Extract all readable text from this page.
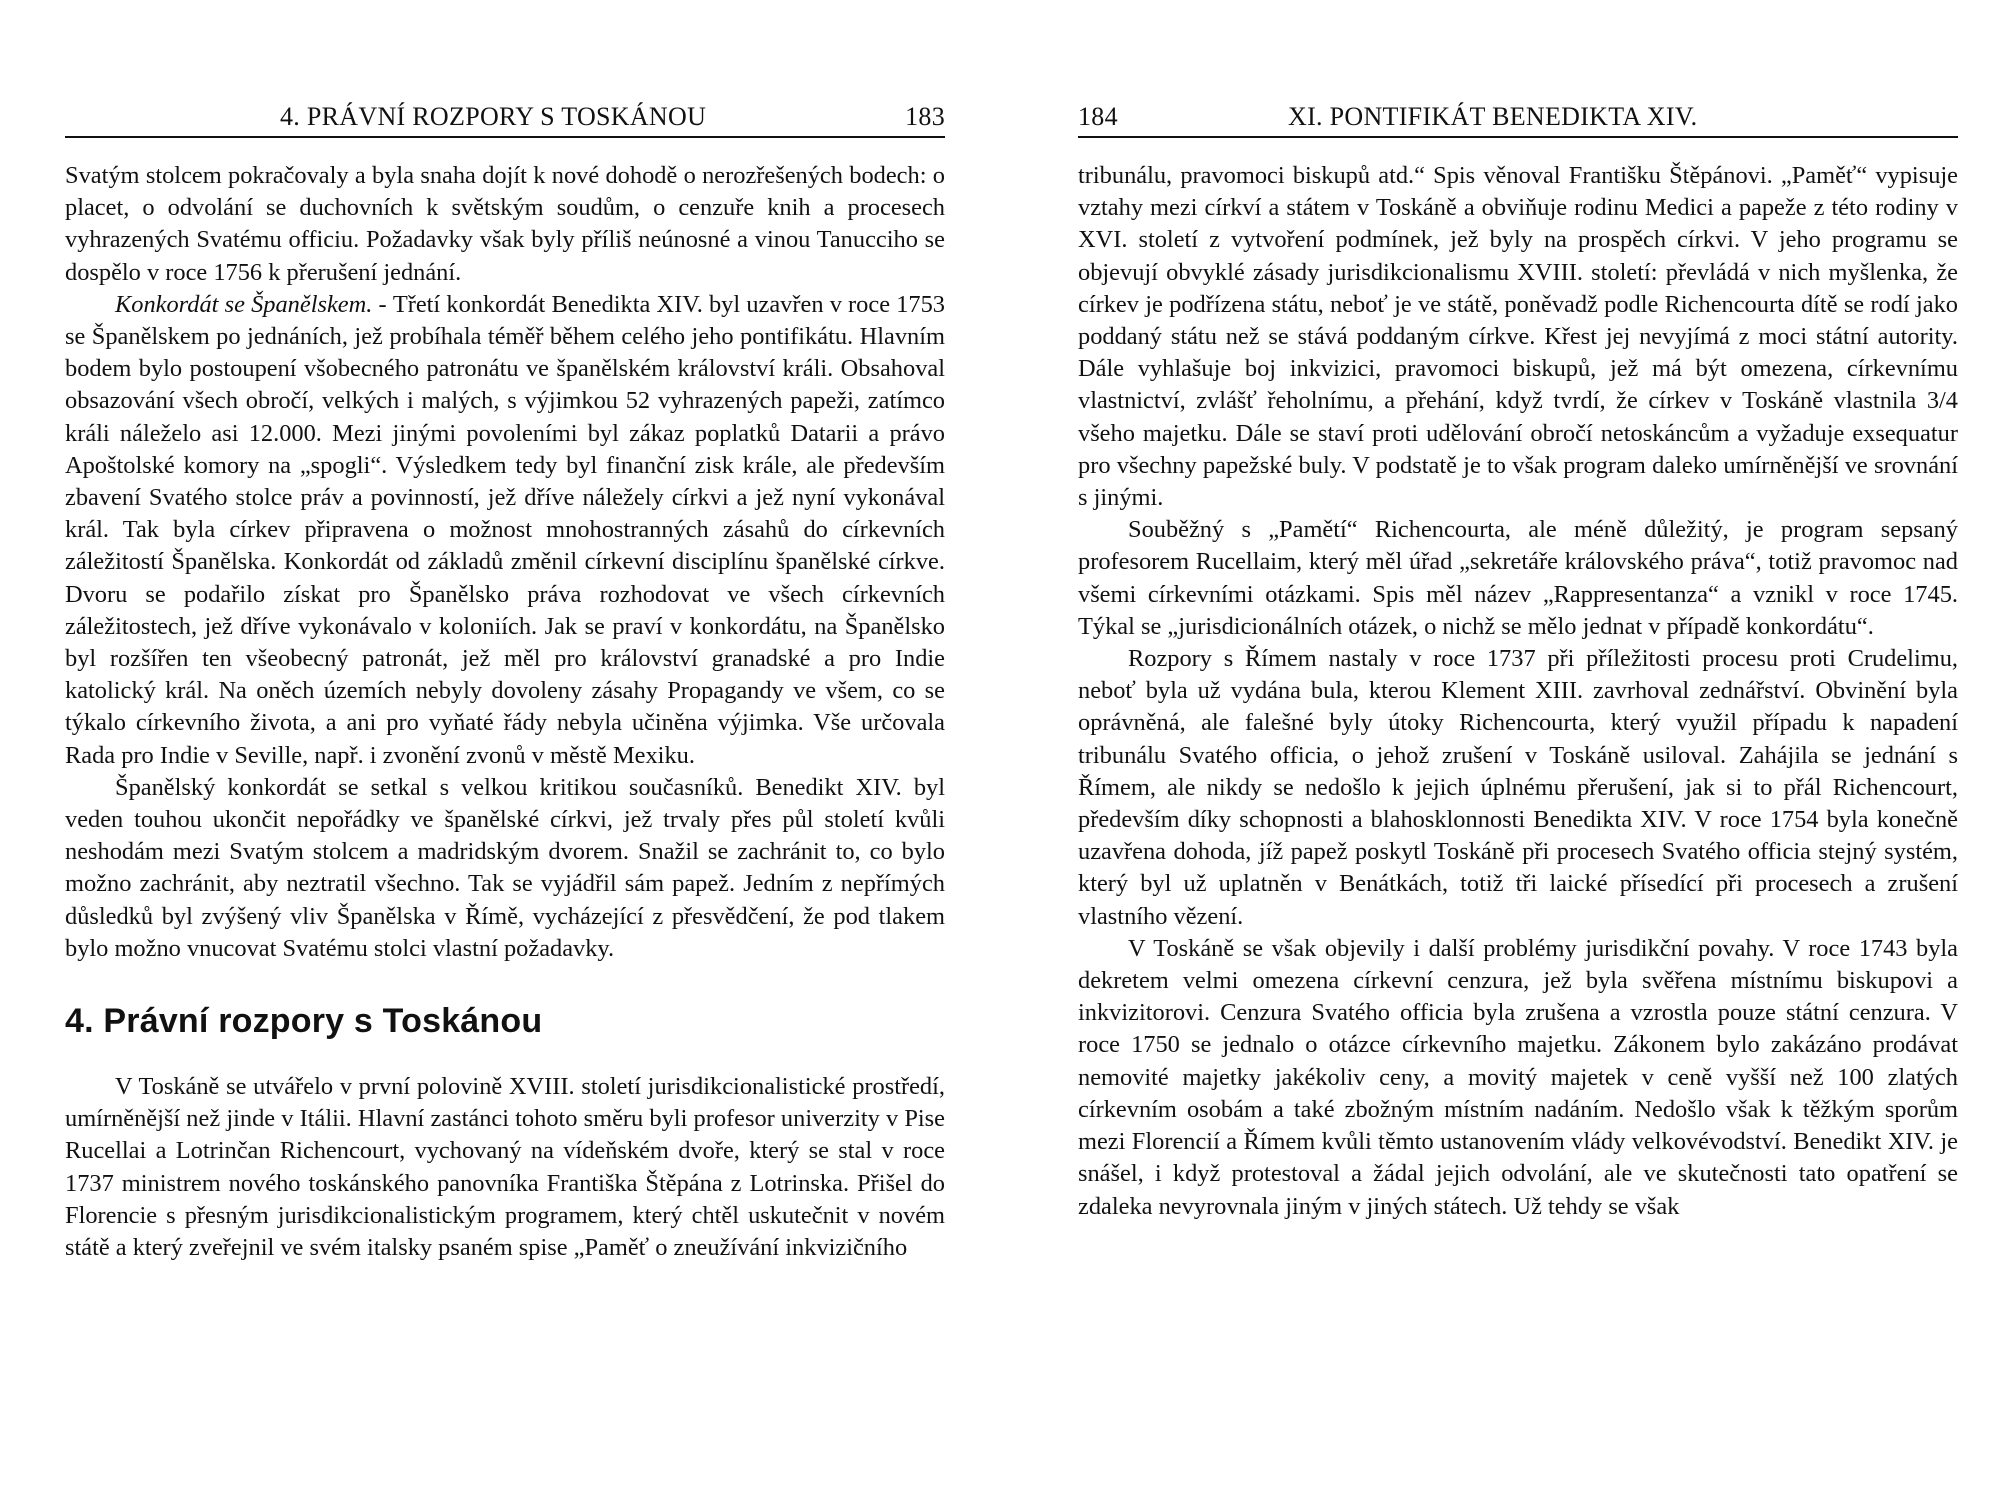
4. PRÁVNÍ ROZPORY S TOSKÁNOU	183

Svatým stolcem pokračovaly a byla snaha dojít k nové dohodě o nerozřešených bodech: o placet, o odvolání se duchovních k světským soudům, o cenzuře knih a procesech vyhrazených Svatému officiu. Požadavky však byly příliš neúnosné a vinou Tanucciho se dospělo v roce 1756 k přerušení jednání.

Konkordát se Španělskem. - Třetí konkordát Benedikta XIV. byl uzavřen v roce 1753 se Španělskem po jednáních, jež probíhala téměř během celého jeho pontifikátu. Hlavním bodem bylo postoupení všobecného patronátu ve španělském království králi. Obsahoval obsazování všech obročí, velkých i malých, s výjimkou 52 vyhrazených papeži, zatímco králi náleželo asi 12.000. Mezi jinými povoleními byl zákaz poplatků Datarii a právo Apoštolské komory na „spogli“. Výsledkem tedy byl finanční zisk krále, ale především zbavení Svatého stolce práv a povinností, jež dříve náležely církvi a jež nyní vykonával král. Tak byla církev připravena o možnost mnohostranných zásahů do církevních záležitostí Španělska. Konkordát od základů změnil církevní disciplínu španělské církve. Dvoru se podařilo získat pro Španělsko práva rozhodovat ve všech církevních záležitostech, jež dříve vykonávalo v koloniích. Jak se praví v konkordátu, na Španělsko byl rozšířen ten všeobecný patronát, jež měl pro království granadské a pro Indie katolický král. Na oněch územích nebyly dovoleny zásahy Propagandy ve všem, co se týkalo církevního života, a ani pro vyňaté řády nebyla učiněna výjimka. Vše určovala Rada pro Indie v Seville, např. i zvonění zvonů v městě Mexiku.

Španělský konkordát se setkal s velkou kritikou současníků. Benedikt XIV. byl veden touhou ukončit nepořádky ve španělské církvi, jež trvaly přes půl století kvůli neshodám mezi Svatým stolcem a madridským dvorem. Snažil se zachránit to, co bylo možno zachránit, aby neztratil všechno. Tak se vyjádřil sám papež. Jedním z nepřímých důsledků byl zvýšený vliv Španělska v Římě, vycházející z přesvědčení, že pod tlakem bylo možno vnucovat Svatému stolci vlastní požadavky.

4. Právní rozpory s Toskánou

V Toskáně se utvářelo v první polovině XVIII. století jurisdikcionalistické prostředí, umírněnější než jinde v Itálii. Hlavní zastánci tohoto směru byli profesor univerzity v Pise Rucellai a Lotrinčan Richencourt, vychovaný na vídeňském dvoře, který se stal v roce 1737 ministrem nového toskánského panovníka Františka Štěpána z Lotrinska. Přišel do Florencie s přesným jurisdikcionalistickým programem, který chtěl uskutečnit v novém státě a který zveřejnil ve svém italsky psaném spise „Paměť o zneužívání inkvizičního

184	XI. PONTIFIKÁT BENEDIKTA XIV.

tribunálu, pravomoci biskupů atd.“ Spis věnoval Františku Štěpánovi. „Paměť“ vypisuje vztahy mezi církví a státem v Toskáně a obviňuje rodinu Medici a papeže z této rodiny v XVI. století z vytvoření podmínek, jež byly na prospěch církvi. V jeho programu se objevují obvyklé zásady jurisdikcionalismu XVIII. století: převládá v nich myšlenka, že církev je podřízena státu, neboť je ve státě, poněvadž podle Richencourta dítě se rodí jako poddaný státu než se stává poddaným církve. Křest jej nevyjímá z moci státní autority. Dále vyhlašuje boj inkvizici, pravomoci biskupů, jež má být omezena, církevnímu vlastnictví, zvlášť řeholnímu, a přehání, když tvrdí, že církev v Toskáně vlastnila 3/4 všeho majetku. Dále se staví proti udělování obročí netoskáncům a vyžaduje exsequatur pro všechny papežské buly. V podstatě je to však program daleko umírněnější ve srovnání s jinými.

Souběžný s „Pamětí“ Richencourta, ale méně důležitý, je program sepsaný profesorem Rucellaim, který měl úřad „sekretáře královského práva“, totiž pravomoc nad všemi církevními otázkami. Spis měl název „Rappresentanza“ a vznikl v roce 1745. Týkal se „jurisdicionálních otázek, o nichž se mělo jednat v případě konkordátu“.

Rozpory s Římem nastaly v roce 1737 při příležitosti procesu proti Crudelimu, neboť byla už vydána bula, kterou Klement XIII. zavrhoval zednářství. Obvinění byla oprávněná, ale falešné byly útoky Richencourta, který využil případu k napadení tribunálu Svatého officia, o jehož zrušení v Toskáně usiloval. Zahájila se jednání s Římem, ale nikdy se nedošlo k jejich úplnému přerušení, jak si to přál Richencourt, především díky schopnosti a blahosklonnosti Benedikta XIV. V roce 1754 byla konečně uzavřena dohoda, jíž papež poskytl Toskáně při procesech Svatého officia stejný systém, který byl už uplatněn v Benátkách, totiž tři laické přísedící při procesech a zrušení vlastního vězení.

V Toskáně se však objevily i další problémy jurisdikční povahy. V roce 1743 byla dekretem velmi omezena církevní cenzura, jež byla svěřena místnímu biskupovi a inkvizitorovi. Cenzura Svatého officia byla zrušena a vzrostla pouze státní cenzura. V roce 1750 se jednalo o otázce církevního majetku. Zákonem bylo zakázáno prodávat nemovité majetky jakékoliv ceny, a movitý majetek v ceně vyšší než 100 zlatých církevním osobám a také zbožným místním nadáním. Nedošlo však k těžkým sporům mezi Florencií a Římem kvůli těmto ustanovením vlády velkovévodství. Benedikt XIV. je snášel, i když protestoval a žádal jejich odvolání, ale ve skutečnosti tato opatření se zdaleka nevyrovnala jiným v jiných státech. Už tehdy se však
